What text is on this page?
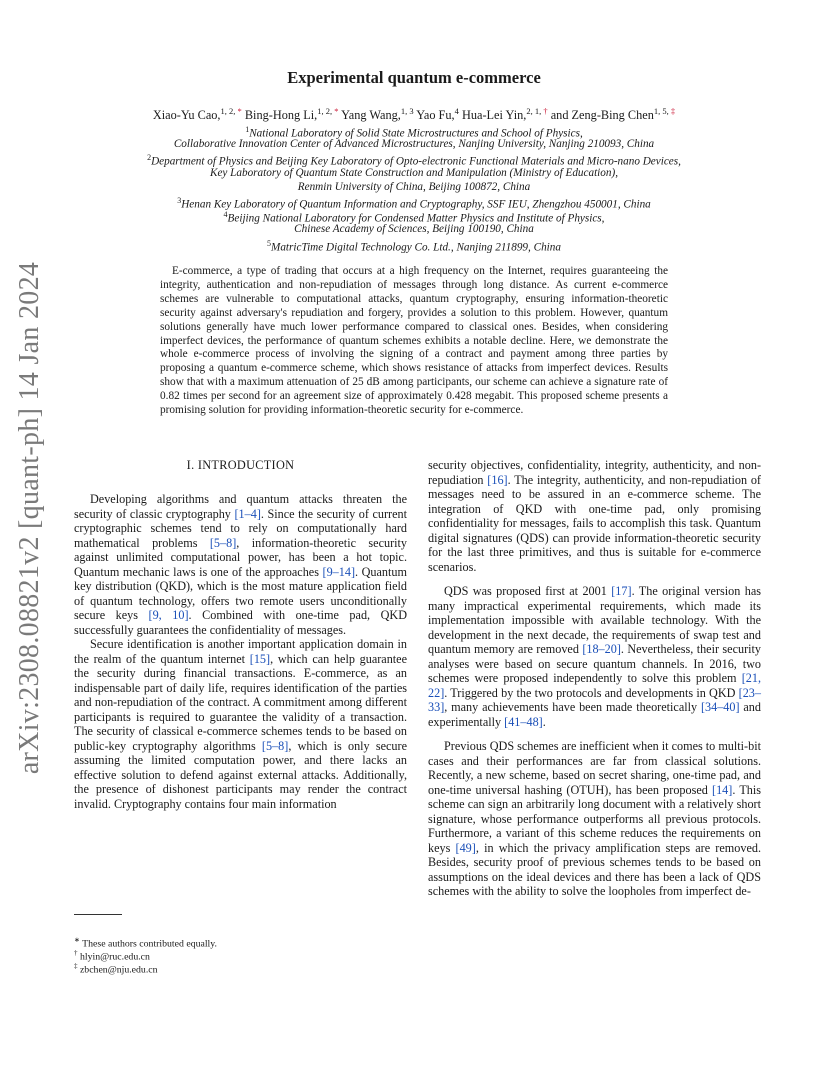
arXiv:2308.08821v2 [quant-ph] 14 Jan 2024
Experimental quantum e-commerce
Xiao-Yu Cao,$^{1, 2, *}$ Bing-Hong Li,$^{1, 2, *}$ Yang Wang,$^{1, 3}$ Yao Fu,$^4$ Hua-Lei Yin,$^{2, 1, \dagger}$ and Zeng-Bing Chen$^{1, 5, \ddagger}$
$^1$National Laboratory of Solid State Microstructures and School of Physics,
Collaborative Innovation Center of Advanced Microstructures, Nanjing University, Nanjing 210093, China
$^2$Department of Physics and Beijing Key Laboratory of Opto-electronic Functional Materials and Micro-nano Devices,
Key Laboratory of Quantum State Construction and Manipulation (Ministry of Education),
Renmin University of China, Beijing 100872, China
$^3$Henan Key Laboratory of Quantum Information and Cryptography, SSF IEU, Zhengzhou 450001, China
$^4$Beijing National Laboratory for Condensed Matter Physics and Institute of Physics,
Chinese Academy of Sciences, Beijing 100190, China
$^5$MatricTime Digital Technology Co. Ltd., Nanjing 211899, China
E-commerce, a type of trading that occurs at a high frequency on the Internet, requires guaranteeing the integrity, authentication and non-repudiation of messages through long distance. As current e-commerce schemes are vulnerable to computational attacks, quantum cryptography, ensuring information-theoretic security against adversary's repudiation and forgery, provides a solution to this problem. However, quantum solutions generally have much lower performance compared to classical ones. Besides, when considering imperfect devices, the performance of quantum schemes exhibits a notable decline. Here, we demonstrate the whole e-commerce process of involving the signing of a contract and payment among three parties by proposing a quantum e-commerce scheme, which shows resistance of attacks from imperfect devices. Results show that with a maximum attenuation of 25 dB among participants, our scheme can achieve a signature rate of 0.82 times per second for an agreement size of approximately 0.428 megabit. This proposed scheme presents a promising solution for providing information-theoretic security for e-commerce.
I. INTRODUCTION

Developing algorithms and quantum attacks threaten the security of classic cryptography [1–4]. Since the security of current cryptographic schemes tend to rely on computationally hard mathematical problems [5–8], information-theoretic security against unlimited computational power, has been a hot topic. Quantum mechanic laws is one of the approaches [9–14]. Quantum key distribution (QKD), which is the most mature application field of quantum technology, offers two remote users unconditionally secure keys [9, 10]. Combined with one-time pad, QKD successfully guarantees the confidentiality of messages.

Secure identification is another important application domain in the realm of the quantum internet [15], which can help guarantee the security during financial transactions. E-commerce, as an indispensable part of daily life, requires identification of the parties and non-repudiation of the contract. A commitment among different participants is required to guarantee the validity of a transaction. The security of classical e-commerce schemes tends to be based on public-key cryptography algorithms [5–8], which is only secure assuming the limited computation power, and there lacks an effective solution to defend against external attacks. Additionally, the presence of dishonest participants may render the contract invalid. Cryptography contains four main information

security objectives, confidentiality, integrity, authenticity, and non-repudiation [16]. The integrity, authenticity, and non-repudiation of messages need to be assured in an e-commerce scheme. The integration of QKD with one-time pad, only promising confidentiality for messages, fails to accomplish this task. Quantum digital signatures (QDS) can provide information-theoretic security for the last three primitives, and thus is suitable for e-commerce scenarios.

QDS was proposed first at 2001 [17]. The original version has many impractical experimental requirements, which made its implementation impossible with available technology. With the development in the next decade, the requirements of swap test and quantum memory are removed [18–20]. Nevertheless, their security analyses were based on secure quantum channels. In 2016, two schemes were proposed independently to solve this problem [21, 22]. Triggered by the two protocols and developments in QKD [23–33], many achievements have been made theoretically [34–40] and experimentally [41–48].

Previous QDS schemes are inefficient when it comes to multi-bit cases and their performances are far from classical solutions. Recently, a new scheme, based on secret sharing, one-time pad, and one-time universal hashing (OTUH), has been proposed [14]. This scheme can sign an arbitrarily long document with a relatively short signature, whose performance outperforms all previous protocols. Furthermore, a variant of this scheme reduces the requirements on keys [49], in which the privacy amplification steps are removed. Besides, security proof of previous schemes tends to be based on assumptions on the ideal devices and there has been a lack of QDS schemes with the ability to solve the loopholes from imperfect de-

∗ These authors contributed equally.
† hlyin@ruc.edu.cn
‡ zbchen@nju.edu.cn
